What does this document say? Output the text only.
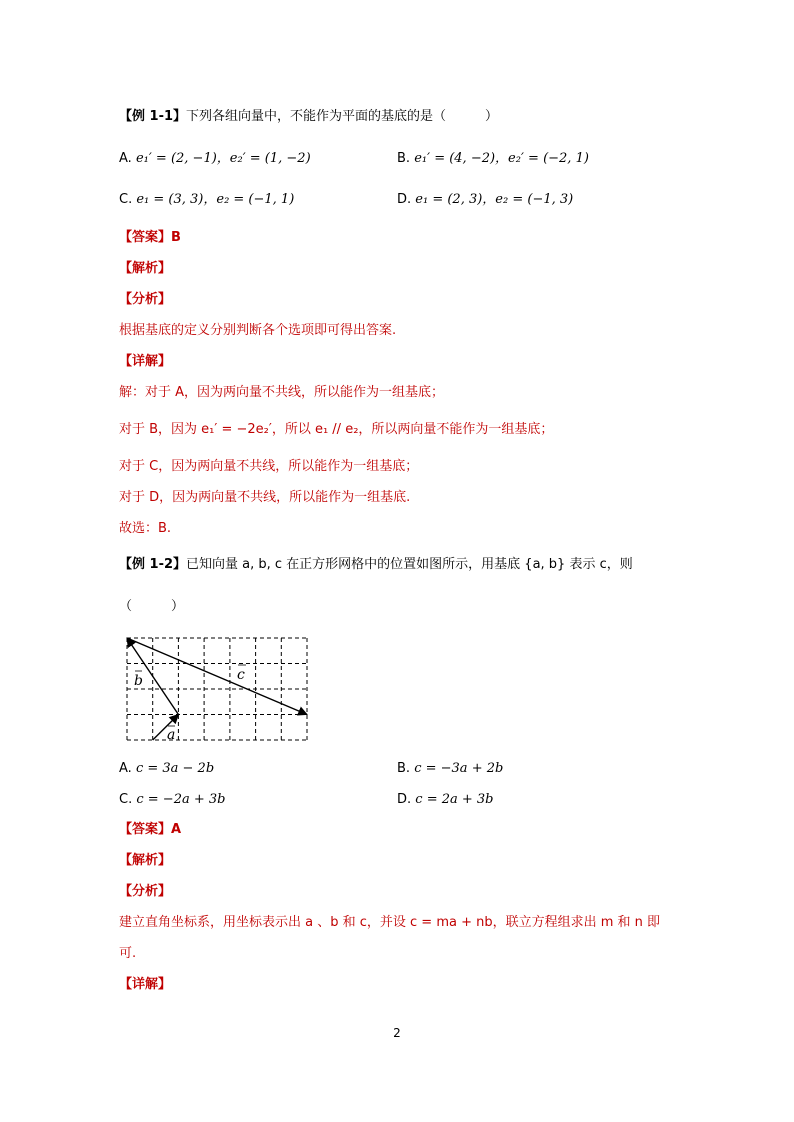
【例 1-1】下列各组向量中，不能作为平面的基底的是（　　　）
A. e₁′ = (2, −1)，e₂′ = (1, −2)	B. e₁′ = (4, −2)，e₂′ = (−2, 1)
C. e₁ = (3, 3)，e₂ = (−1, 1)	D. e₁ = (2, 3)，e₂ = (−1, 3)
【答案】B
【解析】
【分析】
根据基底的定义分别判断各个选项即可得出答案.
【详解】
解：对于 A，因为两向量不共线，所以能作为一组基底；
对于 B，因为 e₁′ = −2e₂′，所以 e₁ // e₂，所以两向量不能作为一组基底；
对于 C，因为两向量不共线，所以能作为一组基底；
对于 D，因为两向量不共线，所以能作为一组基底.
故选：B.
【例 1-2】已知向量 a, b, c 在正方形网格中的位置如图所示，用基底 {a, b} 表示 c，则
（　　　）
b	c
a
A. c = 3a − 2b	B. c = −3a + 2b
C. c = −2a + 3b	D. c = 2a + 3b
【答案】A
【解析】
【分析】
建立直角坐标系，用坐标表示出 a 、b 和 c，并设 c = ma + nb，联立方程组求出 m 和 n 即
可.
【详解】
2
